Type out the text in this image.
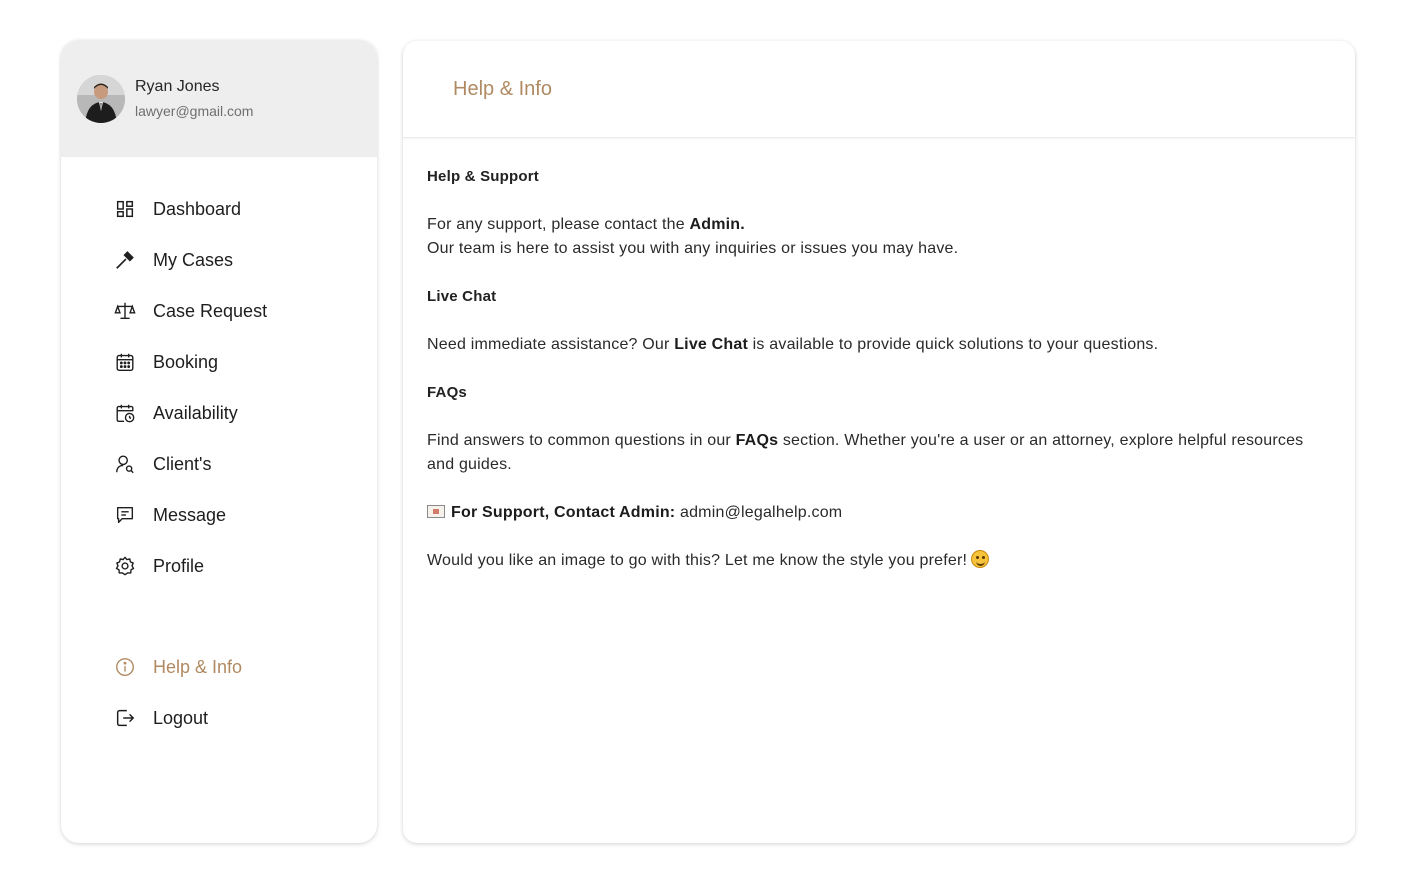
Ryan Jones
lawyer@gmail.com
Dashboard
My Cases
Case Request
Booking
Availability
Client's
Message
Profile
Help & Info
Logout
Help & Info
Help & Support

For any support, please contact the Admin.
Our team is here to assist you with any inquiries or issues you may have.

Live Chat

Need immediate assistance? Our Live Chat is available to provide quick solutions to your questions.

FAQs

Find answers to common questions in our FAQs section. Whether you're a user or an attorney, explore helpful resources and guides.

For Support, Contact Admin: admin@legalhelp.com

Would you like an image to go with this? Let me know the style you prefer!
